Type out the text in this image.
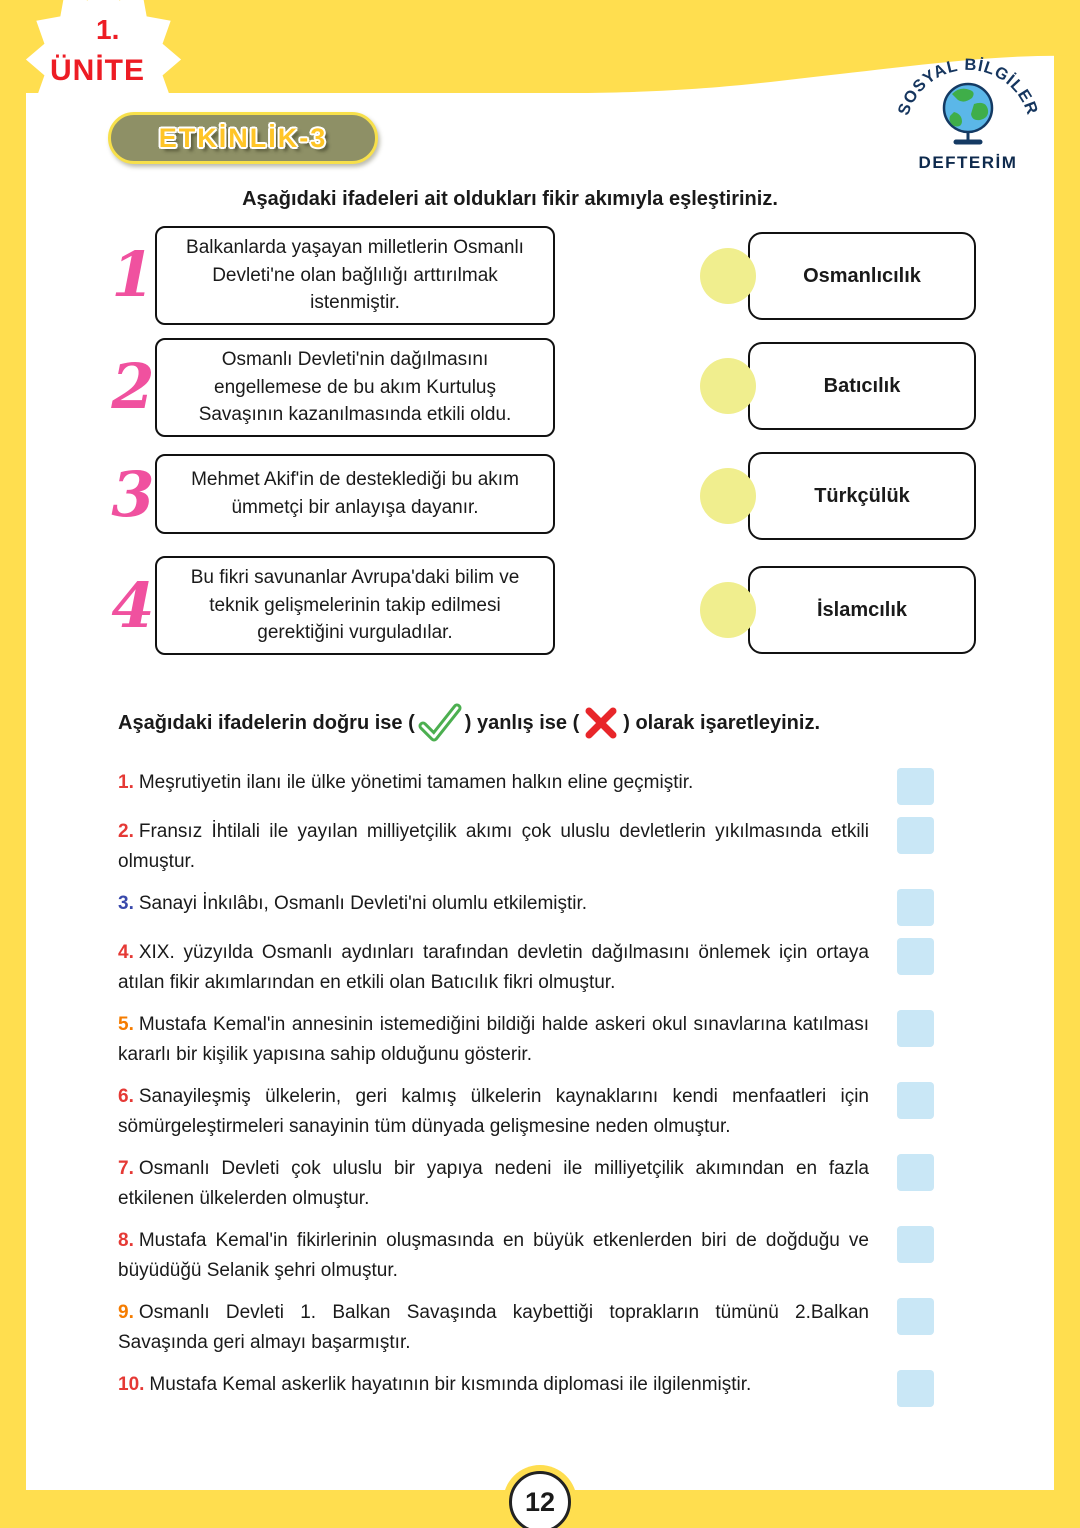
1.
ÜNİTE
SOSYAL BİLGİLER
DEFTERİM
ETKİNLİK-3
Aşağıdaki ifadeleri ait oldukları fikir akımıyla eşleştiriniz.
1	Balkanlarda yaşayan milletlerin Osmanlı Devleti'ne olan bağlılığı arttırılmak istenmiştir.
Osmanlıcılık
2	Osmanlı Devleti'nin dağılmasını engellemese de bu akım Kurtuluş Savaşının kazanılmasında etkili oldu.
Batıcılık
3	Mehmet Akif'in de desteklediği bu akım ümmetçi bir anlayışa dayanır.
Türkçülük
4	Bu fikri savunanlar Avrupa'daki bilim ve teknik gelişmelerinin takip edilmesi gerektiğini vurguladılar.
İslamcılık
Aşağıdaki ifadelerin doğru ise (	) yanlış ise ( ) olarak işaretleyiniz.

1. Meşrutiyetin ilanı ile ülke yönetimi tamamen halkın eline geçmiştir.

2. Fransız İhtilali ile yayılan milliyetçilik akımı çok uluslu devletlerin yıkılmasında etkili olmuştur.

3. Sanayi İnkılâbı, Osmanlı Devleti'ni olumlu etkilemiştir.

4. XIX. yüzyılda Osmanlı aydınları tarafından devletin dağılmasını önlemek için ortaya atılan fikir akımlarından en etkili olan Batıcılık fikri olmuştur.

5. Mustafa Kemal'in annesinin istemediğini bildiği halde askeri okul sınavlarına katılması kararlı bir kişilik yapısına sahip olduğunu gösterir.

6. Sanayileşmiş ülkelerin, geri kalmış ülkelerin kaynaklarını kendi menfaatleri için sömürgeleştirmeleri sanayinin tüm dünyada gelişmesine neden olmuştur.

7. Osmanlı Devleti çok uluslu bir yapıya nedeni ile milliyetçilik akımından en fazla etkilenen ülkelerden olmuştur.

8. Mustafa Kemal'in fikirlerinin oluşmasında en büyük etkenlerden biri de doğduğu ve büyüdüğü Selanik şehri olmuştur.

9. Osmanlı Devleti 1. Balkan Savaşında kaybettiği toprakların tümünü 2.Balkan Savaşında geri almayı başarmıştır.

10. Mustafa Kemal askerlik hayatının bir kısmında diplomasi ile ilgilenmiştir.

12
